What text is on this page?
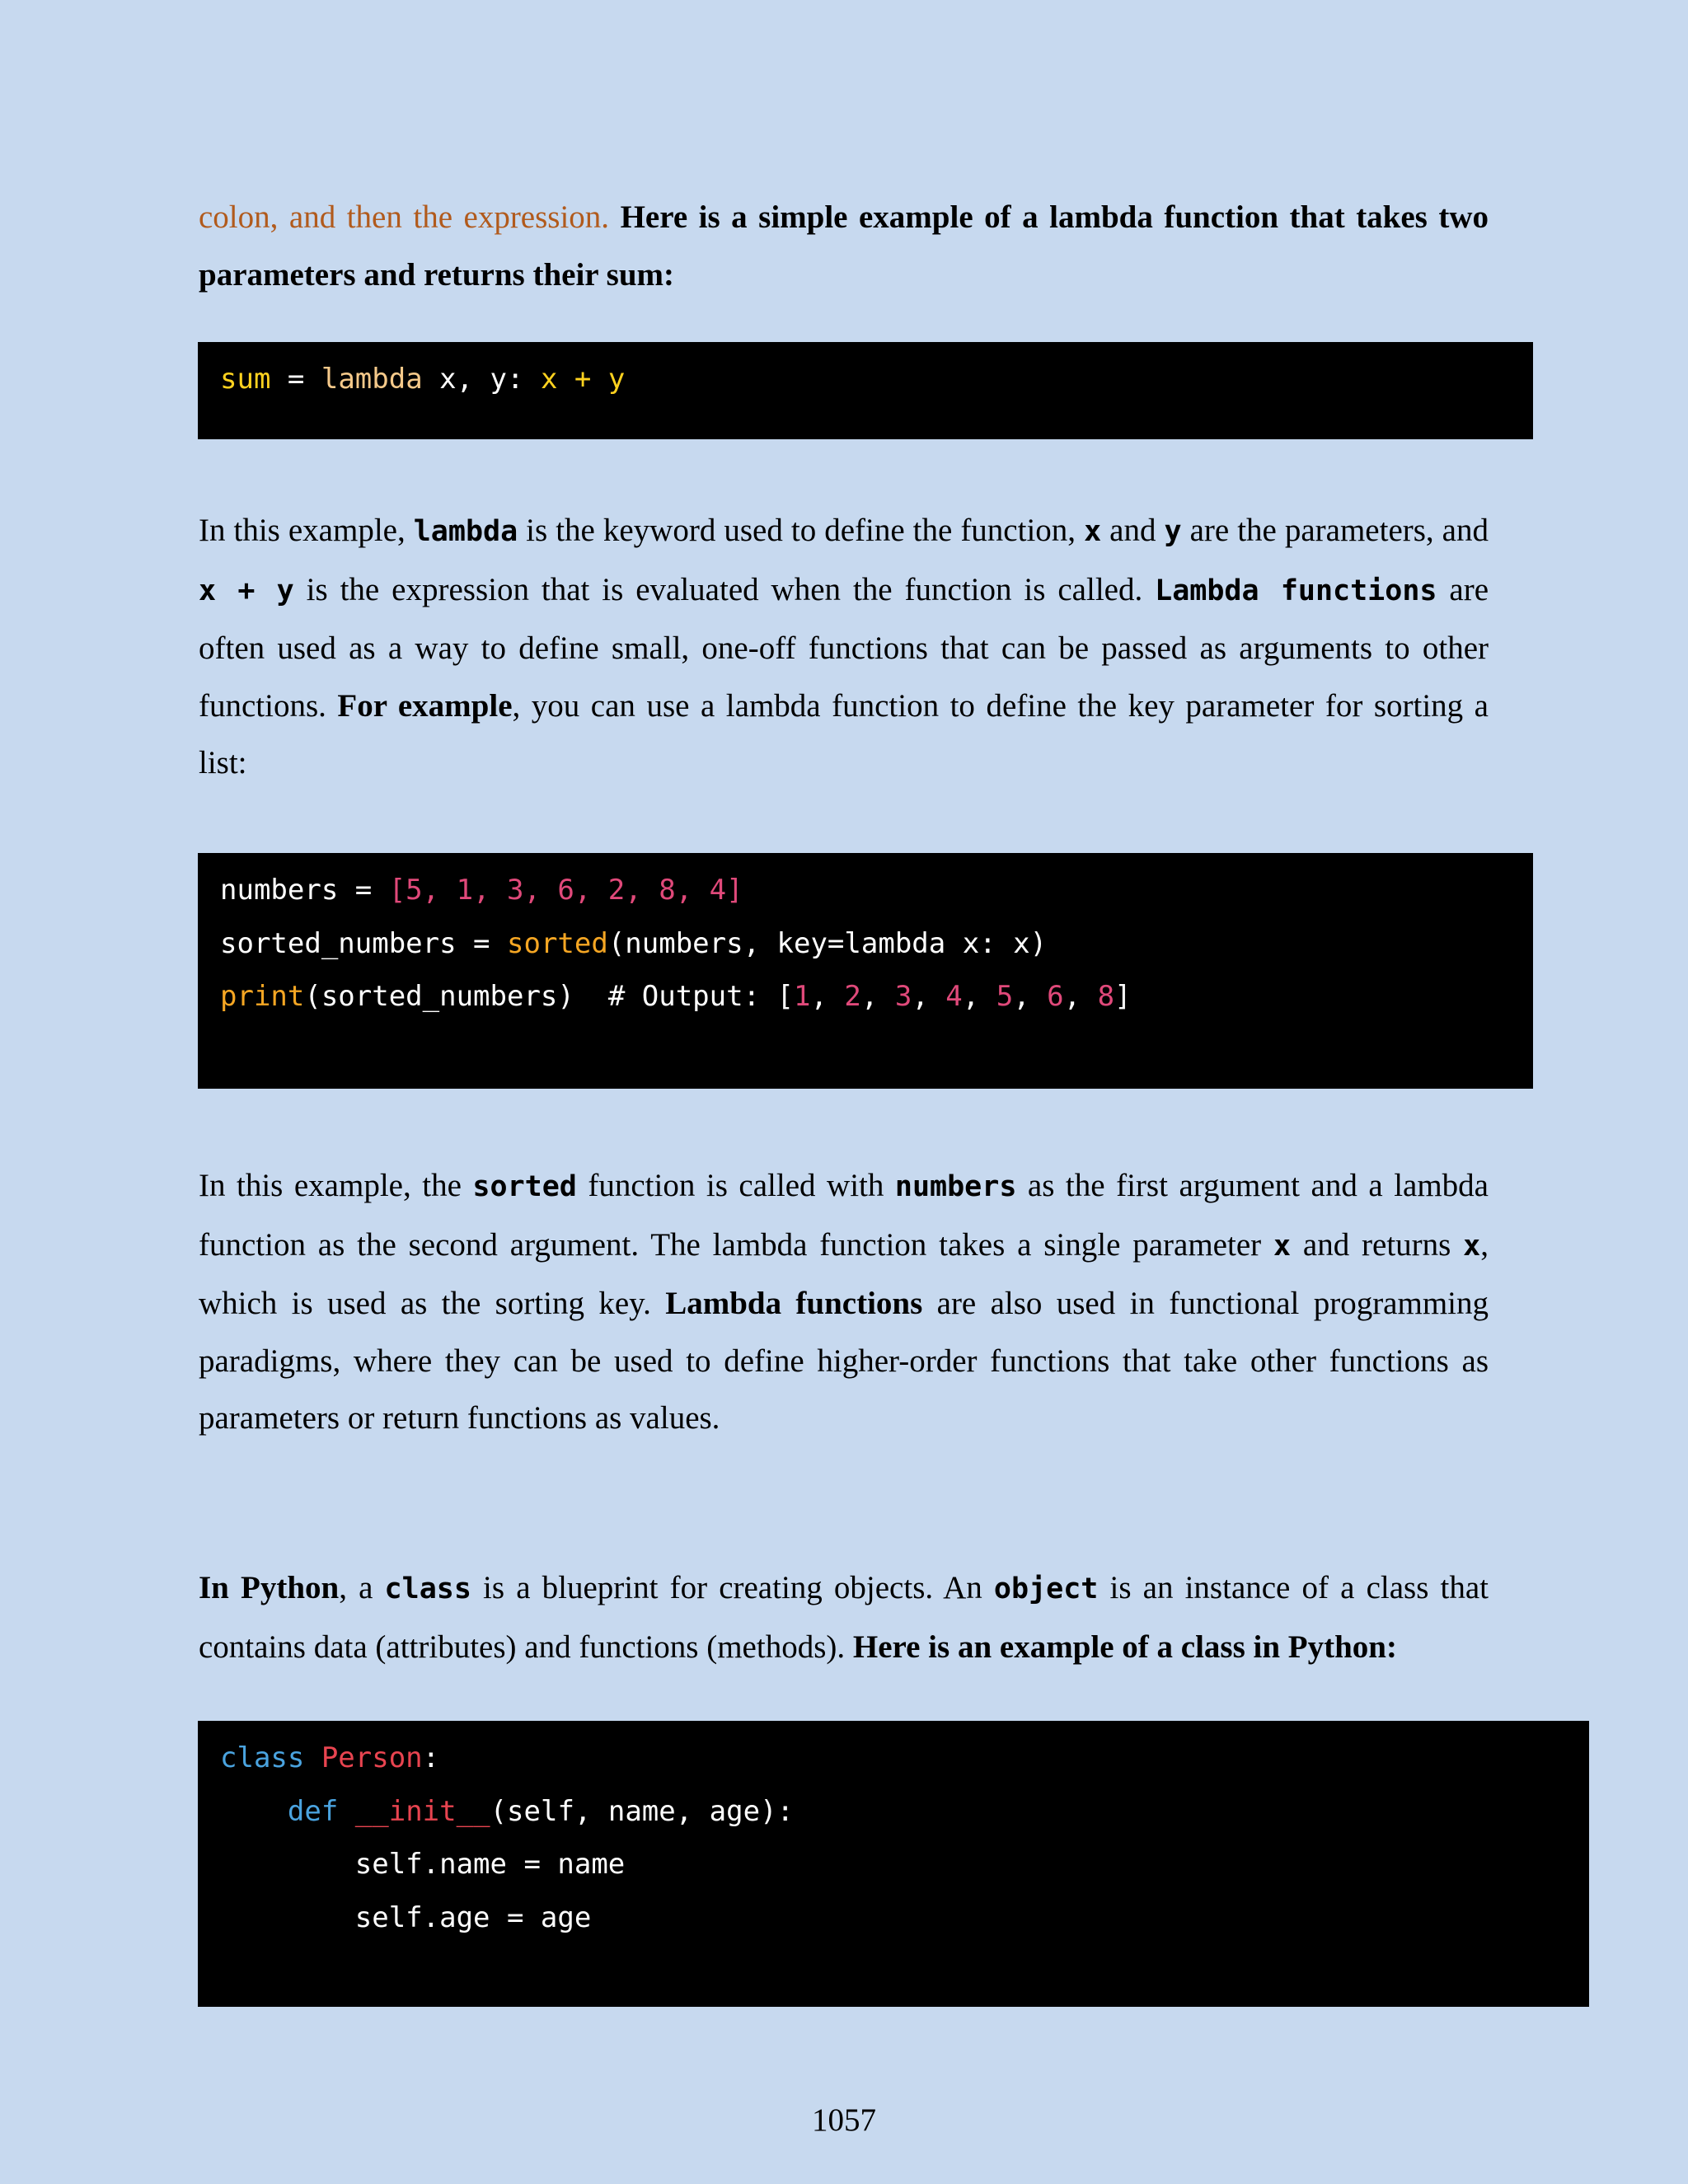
colon, and then the expression. Here is a simple example of a lambda function that takes two parameters and returns their sum:

sum = lambda x, y: x + y

In this example, lambda is the keyword used to define the function, x and y are the parameters, and x + y is the expression that is evaluated when the function is called. Lambda functions are often used as a way to define small, one-off functions that can be passed as arguments to other functions. For example, you can use a lambda function to define the key parameter for sorting a list:

numbers = [5, 1, 3, 6, 2, 8, 4]
sorted_numbers = sorted(numbers, key=lambda x: x)
print(sorted_numbers)  # Output: [1, 2, 3, 4, 5, 6, 8]

In this example, the sorted function is called with numbers as the first argument and a lambda function as the second argument. The lambda function takes a single parameter x and returns x, which is used as the sorting key. Lambda functions are also used in functional programming paradigms, where they can be used to define higher-order functions that take other functions as parameters or return functions as values.

In Python, a class is a blueprint for creating objects. An object is an instance of a class that contains data (attributes) and functions (methods). Here is an example of a class in Python:

class Person:
def __init__(self, name, age):
self.name = name
self.age = age
1057
